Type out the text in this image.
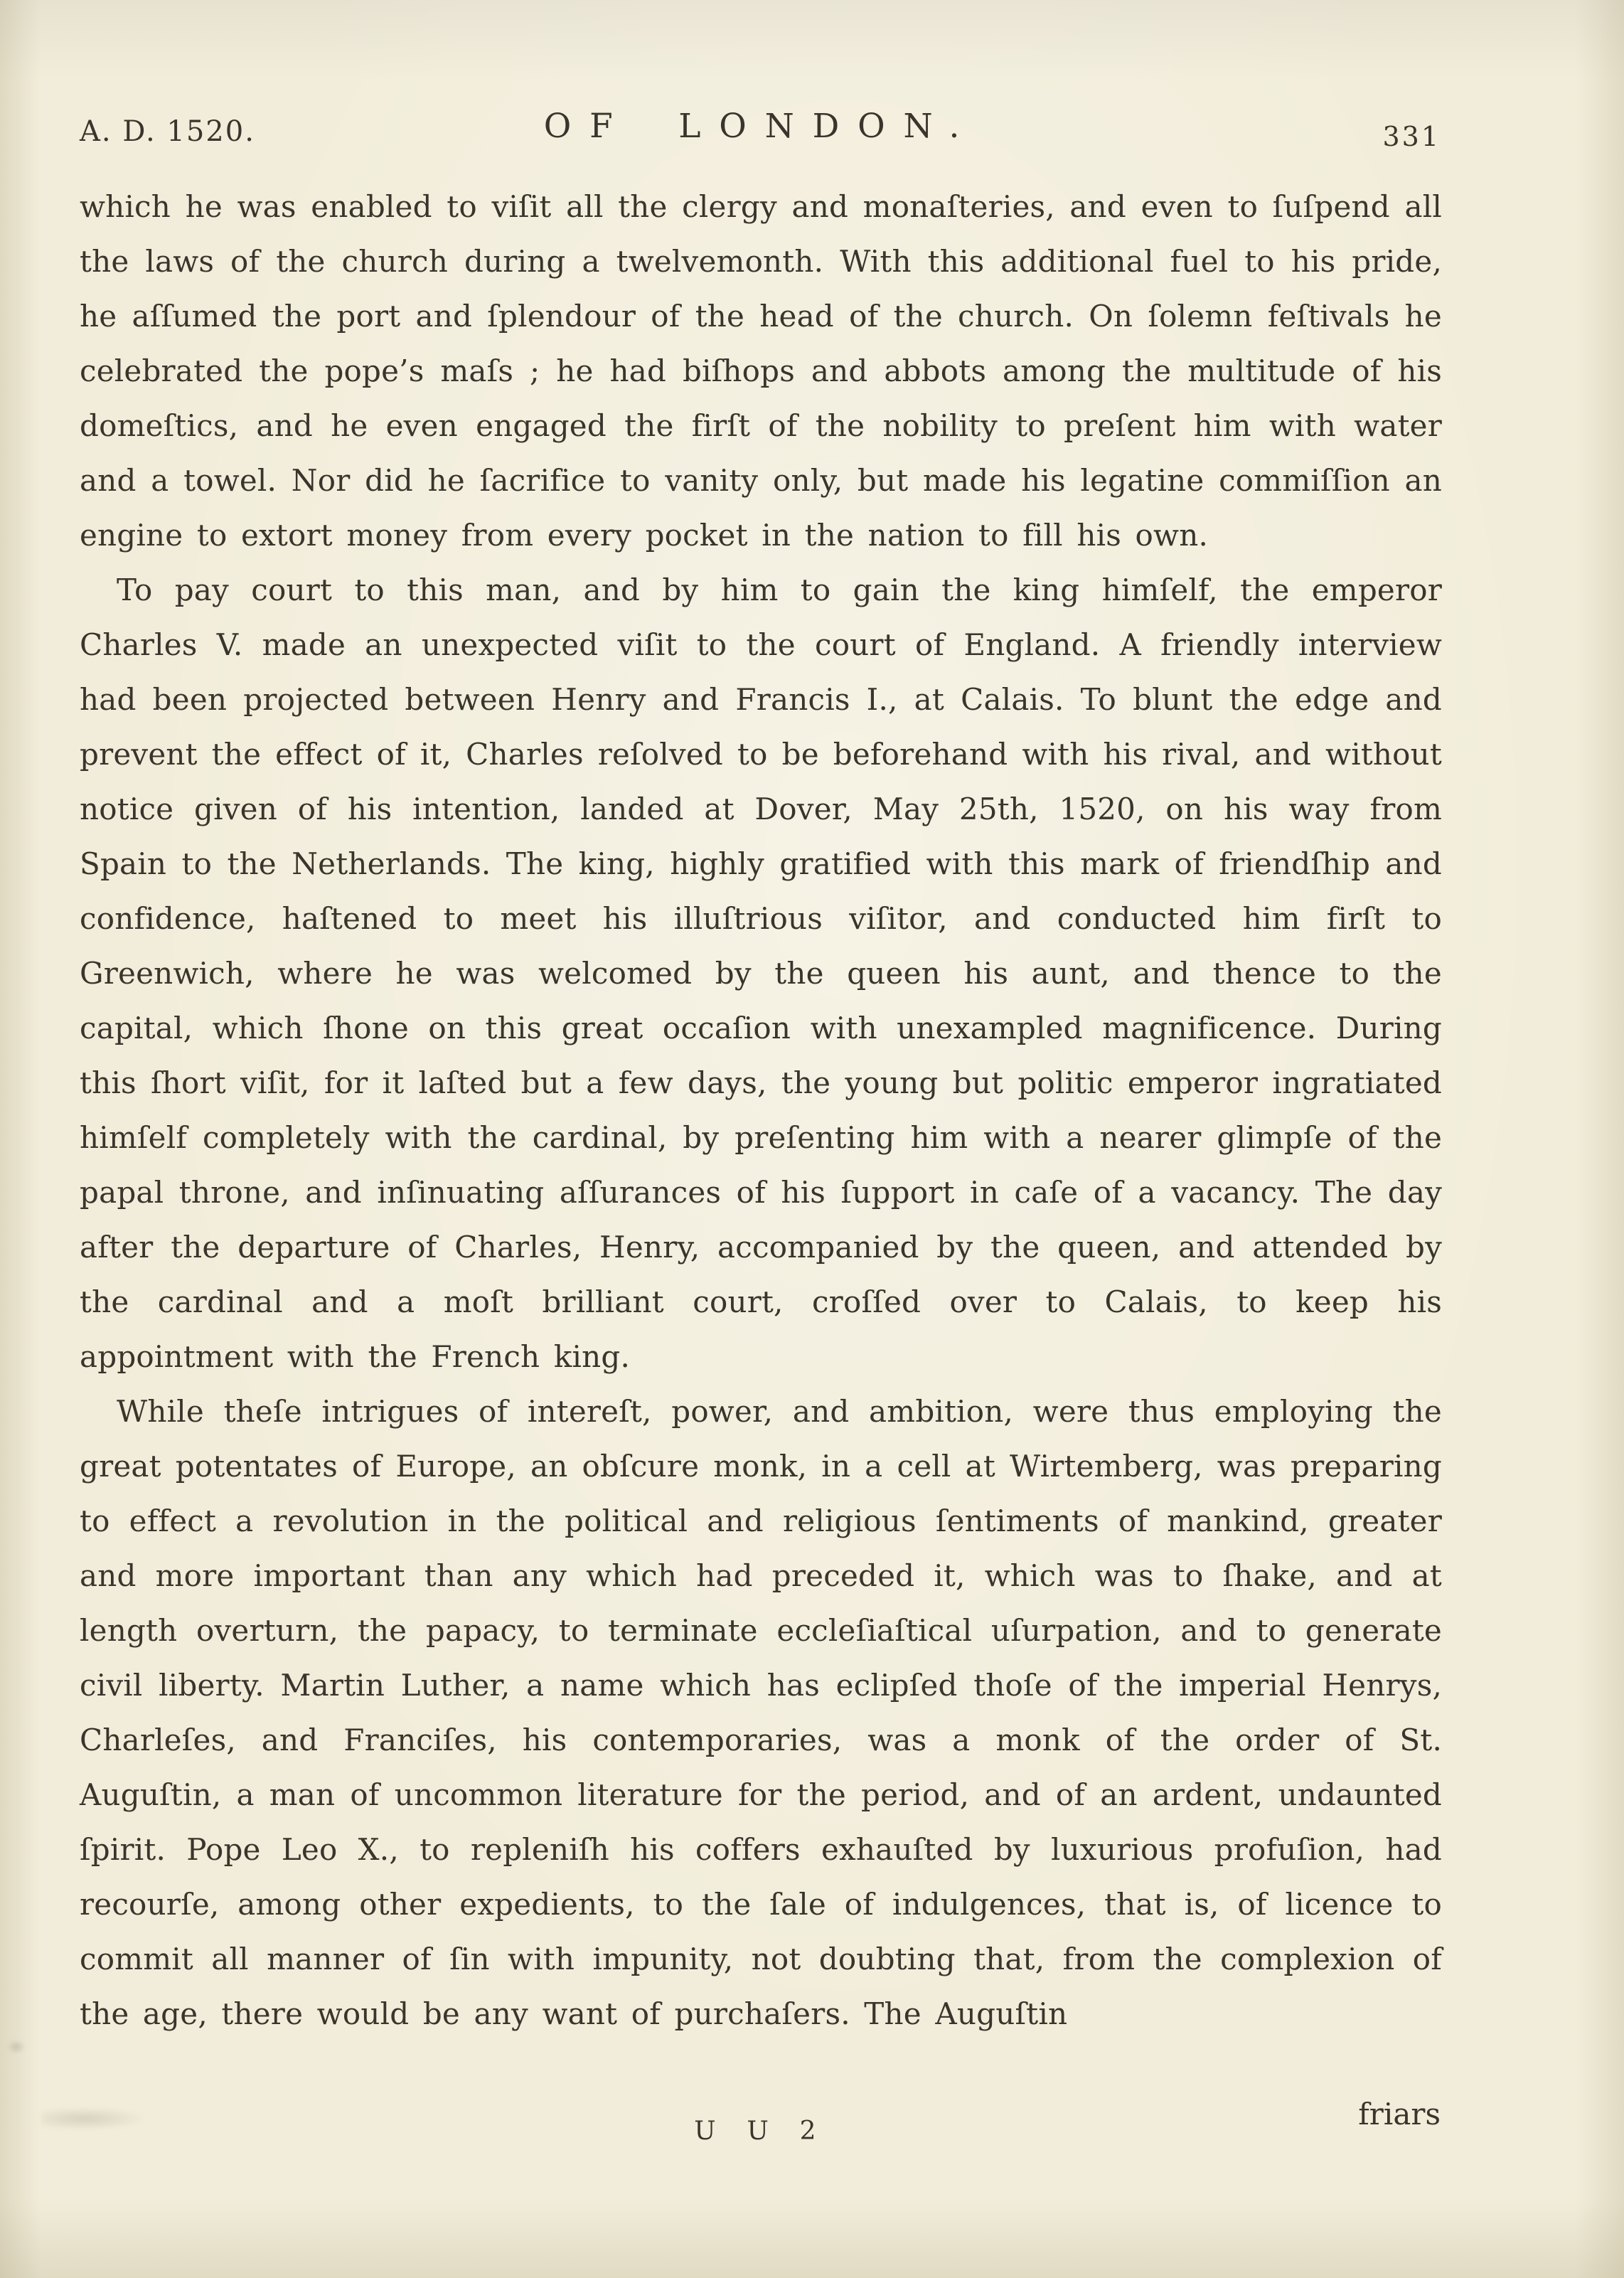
A. D. 1520.	OF LONDON.	331

which he was enabled to viſit all the clergy and monaſteries, and even to ſuſpend all the laws of the church during a twelvemonth. With this additional fuel to his pride, he aſſumed the port and ſplendour of the head of the church. On ſolemn feſtivals he celebrated the pope’s maſs ; he had biſhops and abbots among the multitude of his domeſtics, and he even engaged the firſt of the nobility to preſent him with water and a towel. Nor did he ſacrifice to vanity only, but made his legatine commiſſion an engine to extort money from every pocket in the nation to fill his own.

To pay court to this man, and by him to gain the king himſelf, the emperor Charles V. made an unexpected viſit to the court of England. A friendly interview had been projected between Henry and Francis I., at Calais. To blunt the edge and prevent the effect of it, Charles reſolved to be beforehand with his rival, and without notice given of his intention, landed at Dover, May 25th, 1520, on his way from Spain to the Netherlands. The king, highly gratified with this mark of friendſhip and confidence, haſtened to meet his illuſtrious viſitor, and conducted him firſt to Greenwich, where he was welcomed by the queen his aunt, and thence to the capital, which ſhone on this great occaſion with unexampled magnificence. During this ſhort viſit, for it laſted but a few days, the young but politic emperor ingratiated himſelf completely with the cardinal, by preſenting him with a nearer glimpſe of the papal throne, and inſinuating aſſurances of his ſupport in caſe of a vacancy. The day after the departure of Charles, Henry, accompanied by the queen, and attended by the cardinal and a moſt brilliant court, croſſed over to Calais, to keep his appointment with the French king.

While theſe intrigues of intereſt, power, and ambition, were thus employing the great potentates of Europe, an obſcure monk, in a cell at Wirtemberg, was preparing to effect a revolution in the political and religious ſentiments of mankind, greater and more important than any which had preceded it, which was to ſhake, and at length overturn, the papacy, to terminate eccleſiaſtical uſurpation, and to generate civil liberty. Martin Luther, a name which has eclipſed thoſe of the imperial Henrys, Charleſes, and Franciſes, his contemporaries, was a monk of the order of St. Auguſtin, a man of uncommon literature for the period, and of an ardent, undaunted ſpirit. Pope Leo X., to repleniſh his coffers exhauſted by luxurious profuſion, had recourſe, among other expedients, to the ſale of indulgences, that is, of licence to commit all manner of ſin with impunity, not doubting that, from the complexion of the age, there would be any want of purchaſers. The Auguſtin

U U 2	friars
